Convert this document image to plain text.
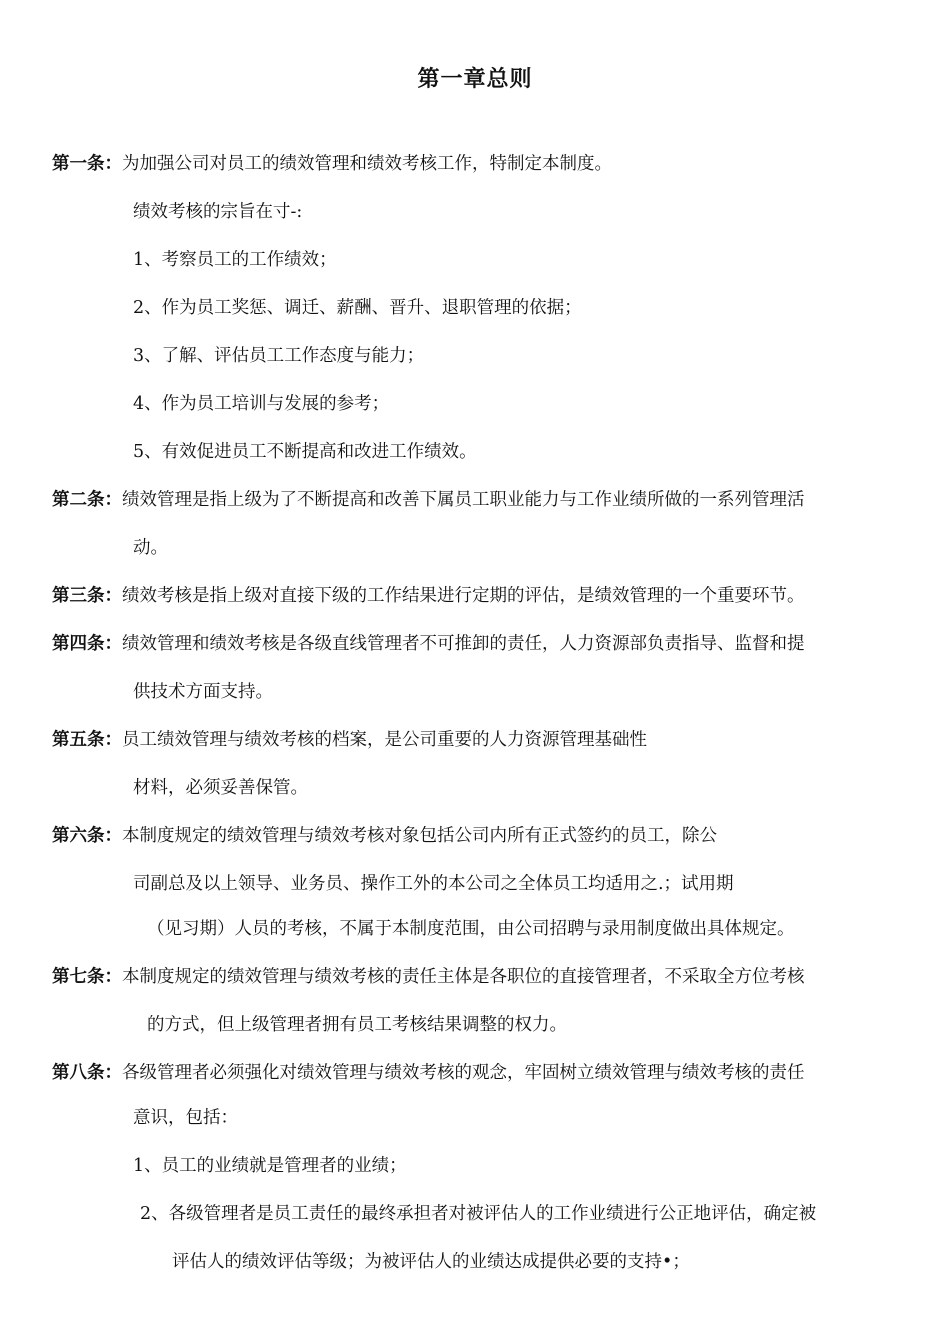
第一章总则
第一条：为加强公司对员工的绩效管理和绩效考核工作，特制定本制度。
绩效考核的宗旨在寸-:
1、考察员工的工作绩效；
2、作为员工奖惩、调迁、薪酬、晋升、退职管理的依据；
3、了解、评估员工工作态度与能力；
4、作为员工培训与发展的参考；
5、有效促进员工不断提高和改进工作绩效。
第二条：绩效管理是指上级为了不断提高和改善下属员工职业能力与工作业绩所做的一系列管理活
动。
第三条：绩效考核是指上级对直接下级的工作结果进行定期的评估，是绩效管理的一个重要环节。
第四条：绩效管理和绩效考核是各级直线管理者不可推卸的责任，人力资源部负责指导、监督和提
供技术方面支持。
第五条：员工绩效管理与绩效考核的档案，是公司重要的人力资源管理基础性
材料，必须妥善保管。
第六条：本制度规定的绩效管理与绩效考核对象包括公司内所有正式签约的员工，除公
司副总及以上领导、业务员、操作工外的本公司之全体员工均适用之.；试用期
（见习期）人员的考核，不属于本制度范围，由公司招聘与录用制度做出具体规定。
第七条：本制度规定的绩效管理与绩效考核的责任主体是各职位的直接管理者，不采取全方位考核
的方式，但上级管理者拥有员工考核结果调整的权力。
第八条：各级管理者必须强化对绩效管理与绩效考核的观念，牢固树立绩效管理与绩效考核的责任
意识，包括：
1、员工的业绩就是管理者的业绩；
2、各级管理者是员工责任的最终承担者对被评估人的工作业绩进行公正地评估，确定被
评估人的绩效评估等级；为被评估人的业绩达成提供必要的支持•；
